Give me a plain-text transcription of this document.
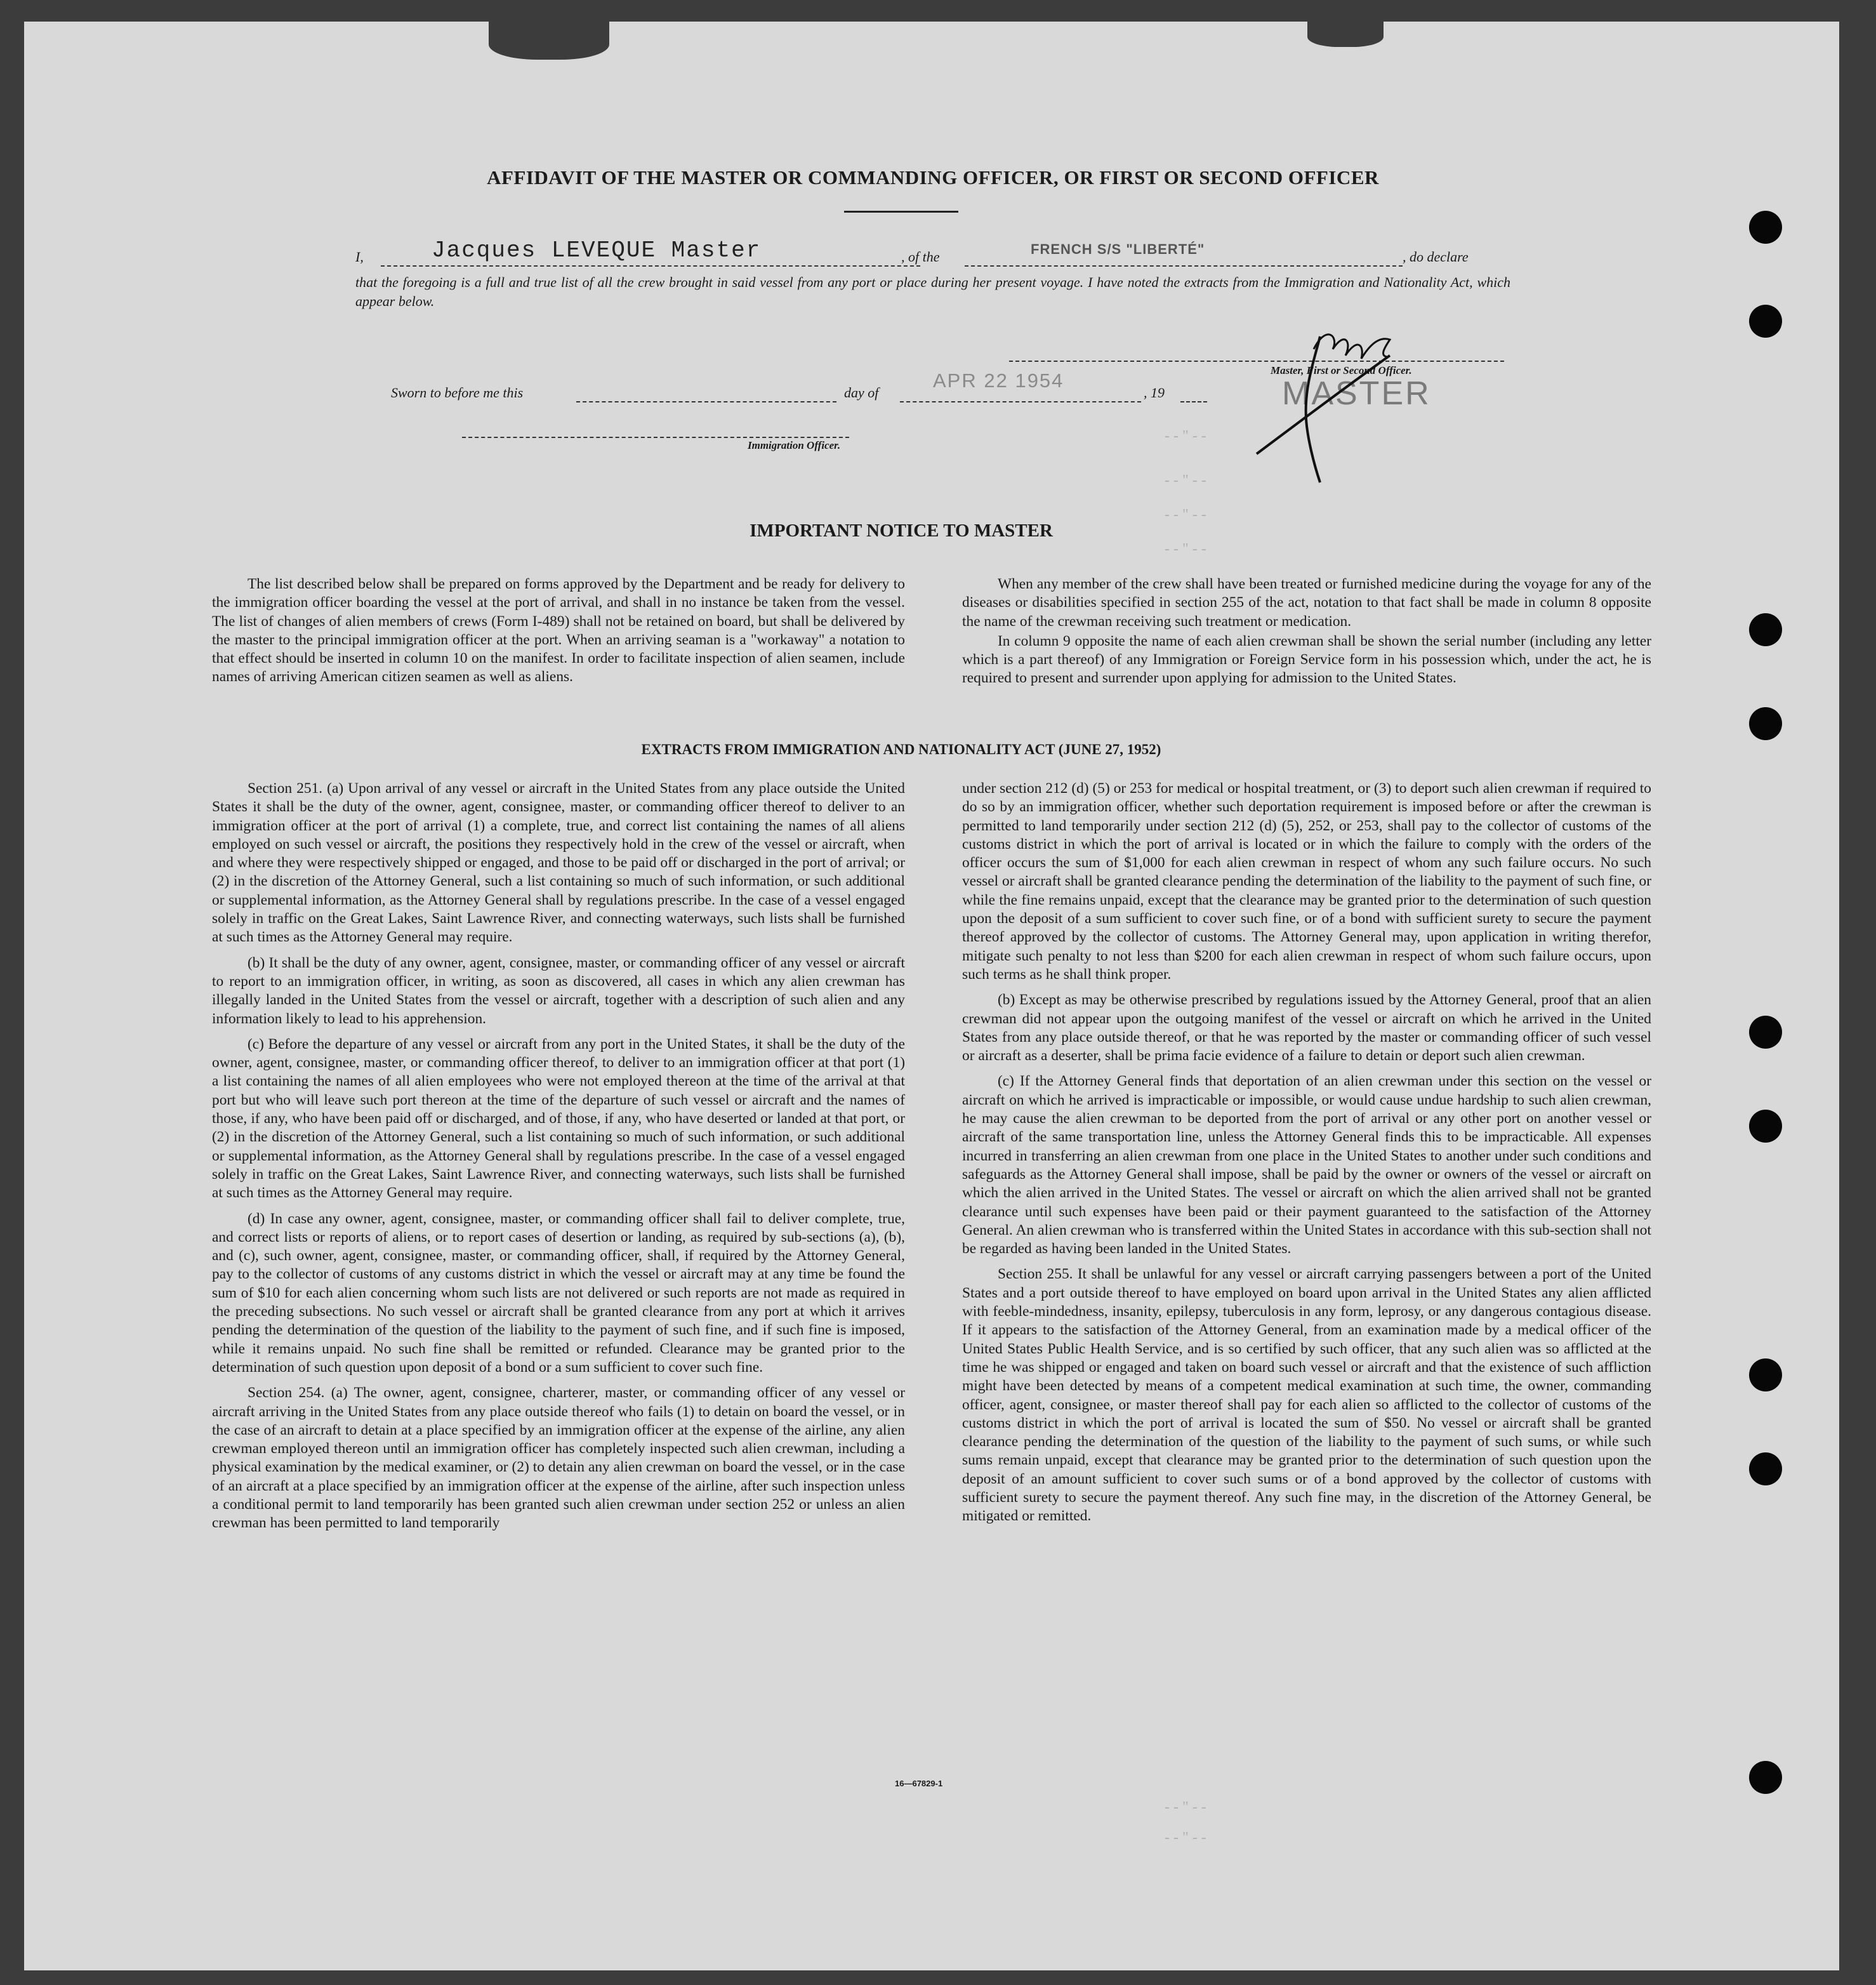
- - " - -
- - " - -
- - " - -
- - " - -
- - " - -
- - " - -
AFFIDAVIT OF THE MASTER OR COMMANDING OFFICER, OR FIRST OR SECOND OFFICER
I,	Jacques LEVEQUE Master	, of the	FRENCH S/S "LIBERTÉ"	, do declare
that the foregoing is a full and true list of all the crew brought in said vessel from any port or place during her present voyage. I have noted the extracts from the Immigration and Nationality Act, which appear below.
Master, First or Second Officer.
MASTER
Sworn to before me this	day of
APR 22 1954
, 19
Immigration Officer.
IMPORTANT NOTICE TO MASTER

The list described below shall be prepared on forms approved by the Department and be ready for delivery to the immigration officer boarding the vessel at the port of arrival, and shall in no instance be taken from the vessel. The list of changes of alien members of crews (Form I-489) shall not be retained on board, but shall be delivered by the master to the principal immigration officer at the port. When an arriving seaman is a "workaway" a notation to that effect should be inserted in column 10 on the manifest. In order to facilitate inspection of alien seamen, include names of arriving American citizen seamen as well as aliens.

When any member of the crew shall have been treated or furnished medicine during the voyage for any of the diseases or disabilities specified in section 255 of the act, notation to that fact shall be made in column 8 opposite the name of the crewman receiving such treatment or medication.

In column 9 opposite the name of each alien crewman shall be shown the serial number (including any letter which is a part thereof) of any Immigration or Foreign Service form in his possession which, under the act, he is required to present and surrender upon applying for admission to the United States.

EXTRACTS FROM IMMIGRATION AND NATIONALITY ACT (JUNE 27, 1952)

Section 251. (a) Upon arrival of any vessel or aircraft in the United States from any place outside the United States it shall be the duty of the owner, agent, consignee, master, or commanding officer thereof to deliver to an immigration officer at the port of arrival (1) a complete, true, and correct list containing the names of all aliens employed on such vessel or aircraft, the positions they respectively hold in the crew of the vessel or aircraft, when and where they were respectively shipped or engaged, and those to be paid off or discharged in the port of arrival; or (2) in the discretion of the Attorney General, such a list containing so much of such information, or such additional or supplemental information, as the Attorney General shall by regulations prescribe. In the case of a vessel engaged solely in traffic on the Great Lakes, Saint Lawrence River, and connecting waterways, such lists shall be furnished at such times as the Attorney General may require.

(b) It shall be the duty of any owner, agent, consignee, master, or commanding officer of any vessel or aircraft to report to an immigration officer, in writing, as soon as discovered, all cases in which any alien crewman has illegally landed in the United States from the vessel or aircraft, together with a description of such alien and any information likely to lead to his apprehension.

(c) Before the departure of any vessel or aircraft from any port in the United States, it shall be the duty of the owner, agent, consignee, master, or commanding officer thereof, to deliver to an immigration officer at that port (1) a list containing the names of all alien employees who were not employed thereon at the time of the arrival at that port but who will leave such port thereon at the time of the departure of such vessel or aircraft and the names of those, if any, who have been paid off or discharged, and of those, if any, who have deserted or landed at that port, or (2) in the discretion of the Attorney General, such a list containing so much of such information, or such additional or supplemental information, as the Attorney General shall by regulations prescribe. In the case of a vessel engaged solely in traffic on the Great Lakes, Saint Lawrence River, and connecting waterways, such lists shall be furnished at such times as the Attorney General may require.

(d) In case any owner, agent, consignee, master, or commanding officer shall fail to deliver complete, true, and correct lists or reports of aliens, or to report cases of desertion or landing, as required by sub-sections (a), (b), and (c), such owner, agent, consignee, master, or commanding officer, shall, if required by the Attorney General, pay to the collector of customs of any customs district in which the vessel or aircraft may at any time be found the sum of $10 for each alien concerning whom such lists are not delivered or such reports are not made as required in the preceding subsections. No such vessel or aircraft shall be granted clearance from any port at which it arrives pending the determination of the question of the liability to the payment of such fine, and if such fine is imposed, while it remains unpaid. No such fine shall be remitted or refunded. Clearance may be granted prior to the determination of such question upon deposit of a bond or a sum sufficient to cover such fine.

Section 254. (a) The owner, agent, consignee, charterer, master, or commanding officer of any vessel or aircraft arriving in the United States from any place outside thereof who fails (1) to detain on board the vessel, or in the case of an aircraft to detain at a place specified by an immigration officer at the expense of the airline, any alien crewman employed thereon until an immigration officer has completely inspected such alien crewman, including a physical examination by the medical examiner, or (2) to detain any alien crewman on board the vessel, or in the case of an aircraft at a place specified by an immigration officer at the expense of the airline, after such inspection unless a conditional permit to land temporarily has been granted such alien crewman under section 252 or unless an alien crewman has been permitted to land temporarily

under section 212 (d) (5) or 253 for medical or hospital treatment, or (3) to deport such alien crewman if required to do so by an immigration officer, whether such deportation requirement is imposed before or after the crewman is permitted to land temporarily under section 212 (d) (5), 252, or 253, shall pay to the collector of customs of the customs district in which the port of arrival is located or in which the failure to comply with the orders of the officer occurs the sum of $1,000 for each alien crewman in respect of whom any such failure occurs. No such vessel or aircraft shall be granted clearance pending the determination of the liability to the payment of such fine, or while the fine remains unpaid, except that the clearance may be granted prior to the determination of such question upon the deposit of a sum sufficient to cover such fine, or of a bond with sufficient surety to secure the payment thereof approved by the collector of customs. The Attorney General may, upon application in writing therefor, mitigate such penalty to not less than $200 for each alien crewman in respect of whom such failure occurs, upon such terms as he shall think proper.

(b) Except as may be otherwise prescribed by regulations issued by the Attorney General, proof that an alien crewman did not appear upon the outgoing manifest of the vessel or aircraft on which he arrived in the United States from any place outside thereof, or that he was reported by the master or commanding officer of such vessel or aircraft as a deserter, shall be prima facie evidence of a failure to detain or deport such alien crewman.

(c) If the Attorney General finds that deportation of an alien crewman under this section on the vessel or aircraft on which he arrived is impracticable or impossible, or would cause undue hardship to such alien crewman, he may cause the alien crewman to be deported from the port of arrival or any other port on another vessel or aircraft of the same transportation line, unless the Attorney General finds this to be impracticable. All expenses incurred in transferring an alien crewman from one place in the United States to another under such conditions and safeguards as the Attorney General shall impose, shall be paid by the owner or owners of the vessel or aircraft on which the alien arrived in the United States. The vessel or aircraft on which the alien arrived shall not be granted clearance until such expenses have been paid or their payment guaranteed to the satisfaction of the Attorney General. An alien crewman who is transferred within the United States in accordance with this sub-section shall not be regarded as having been landed in the United States.

Section 255. It shall be unlawful for any vessel or aircraft carrying passengers between a port of the United States and a port outside thereof to have employed on board upon arrival in the United States any alien afflicted with feeble-mindedness, insanity, epilepsy, tuberculosis in any form, leprosy, or any dangerous contagious disease. If it appears to the satisfaction of the Attorney General, from an examination made by a medical officer of the United States Public Health Service, and is so certified by such officer, that any such alien was so afflicted at the time he was shipped or engaged and taken on board such vessel or aircraft and that the existence of such affliction might have been detected by means of a competent medical examination at such time, the owner, commanding officer, agent, consignee, or master thereof shall pay for each alien so afflicted to the collector of customs of the customs district in which the port of arrival is located the sum of $50. No vessel or aircraft shall be granted clearance pending the determination of the question of the liability to the payment of such sums, or while such sums remain unpaid, except that clearance may be granted prior to the determination of such question upon the deposit of an amount sufficient to cover such sums or of a bond approved by the collector of customs with sufficient surety to secure the payment thereof. Any such fine may, in the discretion of the Attorney General, be mitigated or remitted.

16—67829-1
